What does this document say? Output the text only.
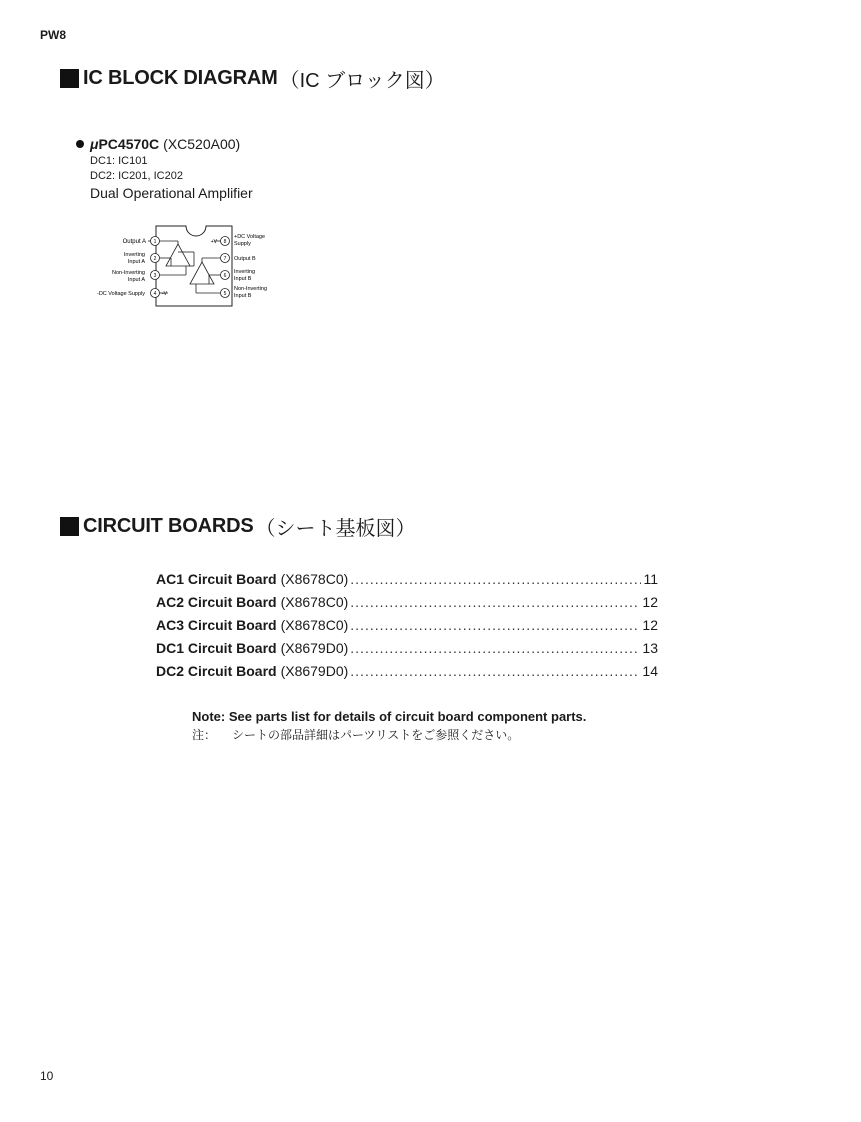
PW8
IC BLOCK DIAGRAM （IC ブロック図）
μ PC4570C (XC520A00)
DC1: IC101
DC2: IC201, IC202
Dual Operational Amplifier
1
Output A
2
Inverting
Input A
3
Non-Inverting
Input A
4
-DC Voltage Supply	-V
8
+DC Voltage
Supply
+V
7 Output B
6
Inverting
Input B
5
Non-Inverting
Input B
CIRCUIT BOARDS （シート基板図）
AC1 Circuit Board (X8678C0) .....	11
AC2 Circuit Board (X8678C0) .....	12
AC3 Circuit Board (X8678C0) .....	12
DC1 Circuit Board (X8679D0) .....	13
DC2 Circuit Board (X8679D0) .....	14
Note: See parts list for details of circuit board component parts.
注：	シートの部品詳細はパーツリストをご参照ください。
10
